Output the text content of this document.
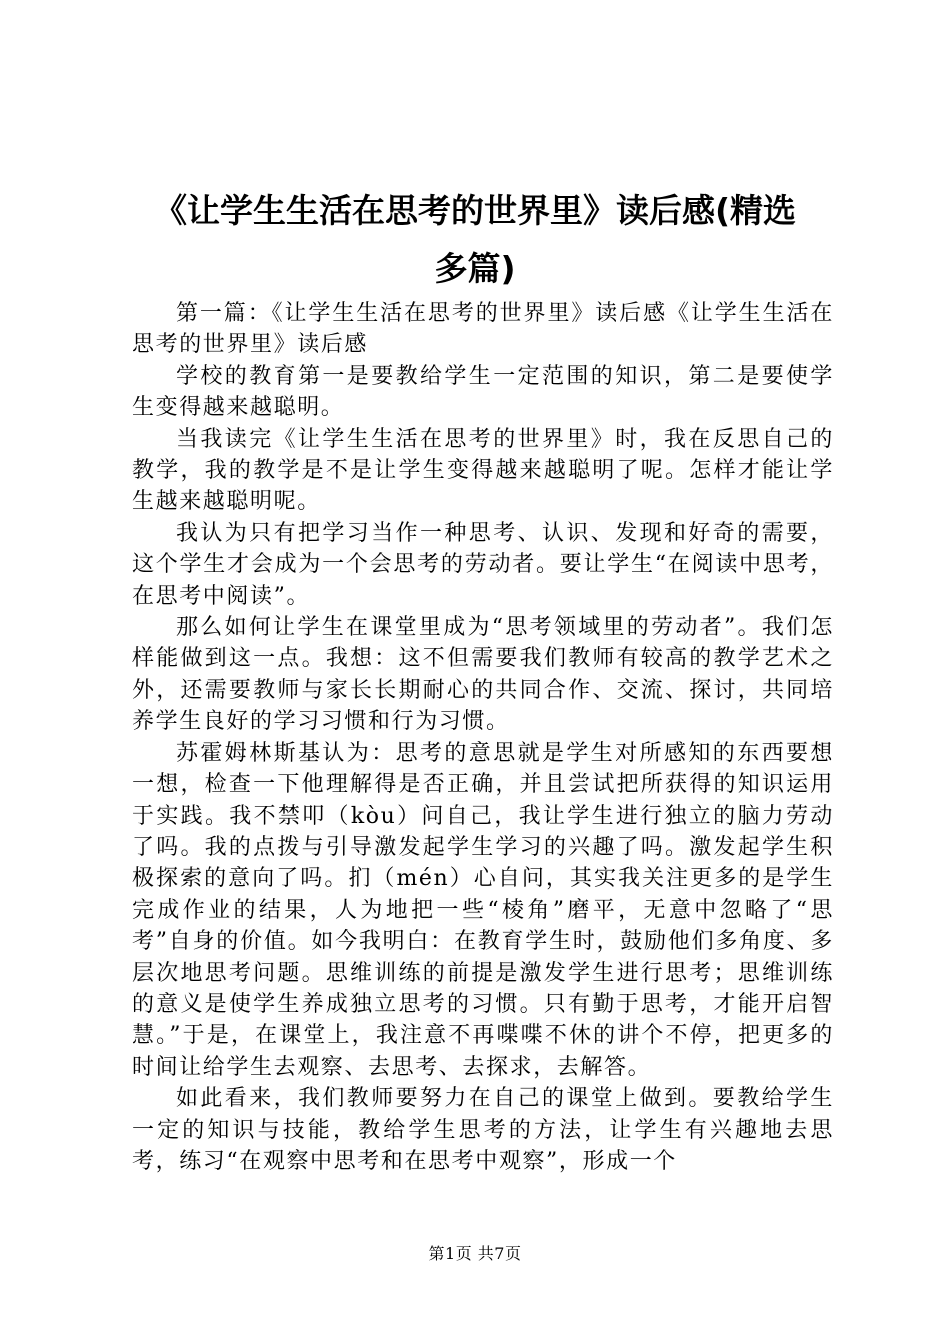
《让学生生活在思考的世界里》读后感(精选
多篇)

第一篇：《让学生生活在思考的世界里》读后感《让学生生活在思考的世界里》读后感

学校的教育第一是要教给学生一定范围的知识，第二是要使学生变得越来越聪明。

当我读完《让学生生活在思考的世界里》时，我在反思自己的教学，我的教学是不是让学生变得越来越聪明了呢。怎样才能让学生越来越聪明呢。

我认为只有把学习当作一种思考、认识、发现和好奇的需要，这个学生才会成为一个会思考的劳动者。要让学生“在阅读中思考，在思考中阅读”。

那么如何让学生在课堂里成为“思考领域里的劳动者”。我们怎样能做到这一点。我想：这不但需要我们教师有较高的教学艺术之外，还需要教师与家长长期耐心的共同合作、交流、探讨，共同培养学生良好的学习习惯和行为习惯。

苏霍姆林斯基认为：思考的意思就是学生对所感知的东西要想一想，检查一下他理解得是否正确，并且尝试把所获得的知识运用于实践。我不禁叩（kòu）问自己，我让学生进行独立的脑力劳动了吗。我的点拨与引导激发起学生学习的兴趣了吗。激发起学生积极探索的意向了吗。扪（mén）心自问，其实我关注更多的是学生完成作业的结果，人为地把一些“棱角”磨平，无意中忽略了“思考”自身的价值。如今我明白：在教育学生时，鼓励他们多角度、多层次地思考问题。思维训练的前提是激发学生进行思考；思维训练的意义是使学生养成独立思考的习惯。只有勤于思考，才能开启智慧。”于是，在课堂上，我注意不再喋喋不休的讲个不停，把更多的时间让给学生去观察、去思考、去探求，去解答。

如此看来，我们教师要努力在自己的课堂上做到。要教给学生一定的知识与技能，教给学生思考的方法，让学生有兴趣地去思考，练习“在观察中思考和在思考中观察”，形成一个

第1页 共7页
